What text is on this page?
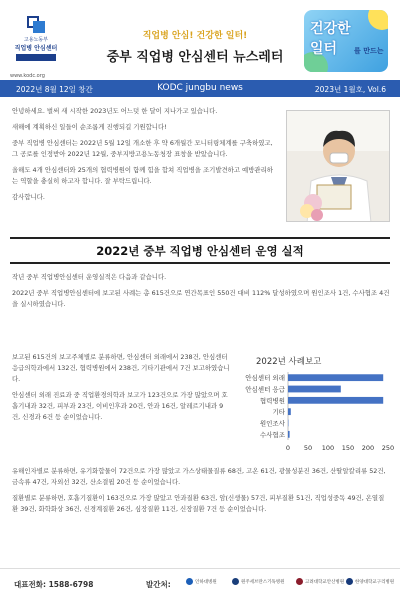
고용노동부
직업병 안심센터
www.kodc.org
직업병 안심! 건강한 일터!
중부 직업병 안심센터 뉴스레터
건강한
일터 를 만드는
KODC jungbu news
2022년 8월 12일 창간	2023년 1월호, Vol.6

안녕하세요. 벌써 새 시작한 2023년도 어느덧 한 달이 지나가고 있습니다.

새해에 계획하신 일들이 순조롭게 진행되길 기원합니다!

중부 직업병 안심센터는 2022년 5월 12일 개소한 후 약 6개월간 모니터링체계를 구축하였고, 그 공로를 인정받아 2022년 12월, 중부지방고용노동청장 표창을 받았습니다.

올해도 4개 안심센터와 25개의 협력병원이 함께 힘을 합쳐 직업병을 조기발견하고 예방관리하는 역할을 충실히 하고자 합니다. 잘 부탁드립니다.

감사합니다.

2022년 중부 직업병 안심센터 운영 실적

작년 중부 직업병안심센터 운영실적은 다음과 같습니다.

2022년 중부 직업병안심센터에 보고된 사례는 총 615건으로 연간목표인 550건 대비 112% 달성하였으며 원인조사 1건, 수사협조 4건을 실시하였습니다.

보고된 615건의 보고주체별로 분류하면, 안심센터 외래에서 238건, 안심센터 응급의학과에서 132건, 협력병원에서 238건, 기타기관에서 7건 보고하였습니다.

안심센터 외래 진료과 중 직업환경의학과 보고가 123건으로 가장 많았으며 호흡기내과 32건, 피부과 23건, 이비인후과 20건, 안과 16건, 알레르기내과 9건, 신경과 6건 등 순이었습니다.

2022년 사례보고
안심센터 외래
안심센터 응급
협력병원
기타
원인조사
수사협조
0 50 100 150 200 250

유해인자별로 분류하면, 유기화합물이 72건으로 가장 많았고 가스상태물질류 68건, 고온 61건, 광물성분진 36건, 산딸알칼리류 52건, 금속류 47건, 자외선 32건, 산소결핍 20건 등 순이었습니다.

질환별로 분류하면, 호흡기질환이 163건으로 가장 많았고 안과질환 63건, 암(신생물) 57건, 피부질환 51건, 직업성중독 49건, 온열질환 39건, 화학화상 36건, 신경계질환 26건, 심장질환 11건, 신장질환 7건 등 순이었습니다.

대표전화: 1588-6798	발간처:	인하대병원	원주세브란스기독병원	고려대학교안산병원	한양대학교구리병원
